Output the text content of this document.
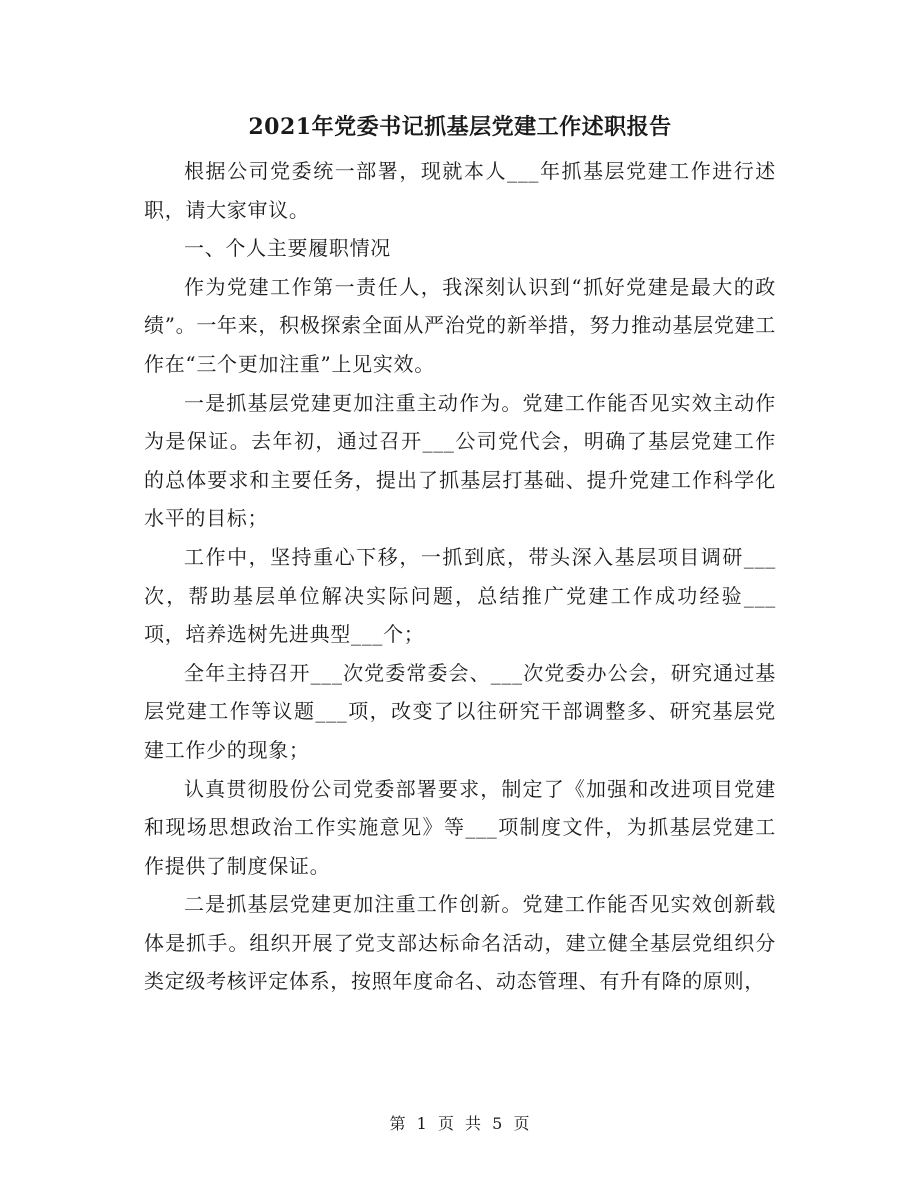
2021年党委书记抓基层党建工作述职报告

根据公司党委统一部署，现就本人___年抓基层党建工作进行述职，请大家审议。

一、个人主要履职情况

作为党建工作第一责任人，我深刻认识到“抓好党建是最大的政绩”。一年来，积极探索全面从严治党的新举措，努力推动基层党建工作在“三个更加注重”上见实效。

一是抓基层党建更加注重主动作为。党建工作能否见实效主动作为是保证。去年初，通过召开___公司党代会，明确了基层党建工作的总体要求和主要任务，提出了抓基层打基础、提升党建工作科学化水平的目标；

工作中，坚持重心下移，一抓到底，带头深入基层项目调研___次，帮助基层单位解决实际问题，总结推广党建工作成功经验___项，培养选树先进典型___个；

全年主持召开___次党委常委会、___次党委办公会，研究通过基层党建工作等议题___项，改变了以往研究干部调整多、研究基层党建工作少的现象；

认真贯彻股份公司党委部署要求，制定了《加强和改进项目党建和现场思想政治工作实施意见》等___项制度文件，为抓基层党建工作提供了制度保证。

二是抓基层党建更加注重工作创新。党建工作能否见实效创新载体是抓手。组织开展了党支部达标命名活动，建立健全基层党组织分类定级考核评定体系，按照年度命名、动态管理、有升有降的原则，

第 1 页 共 5 页
